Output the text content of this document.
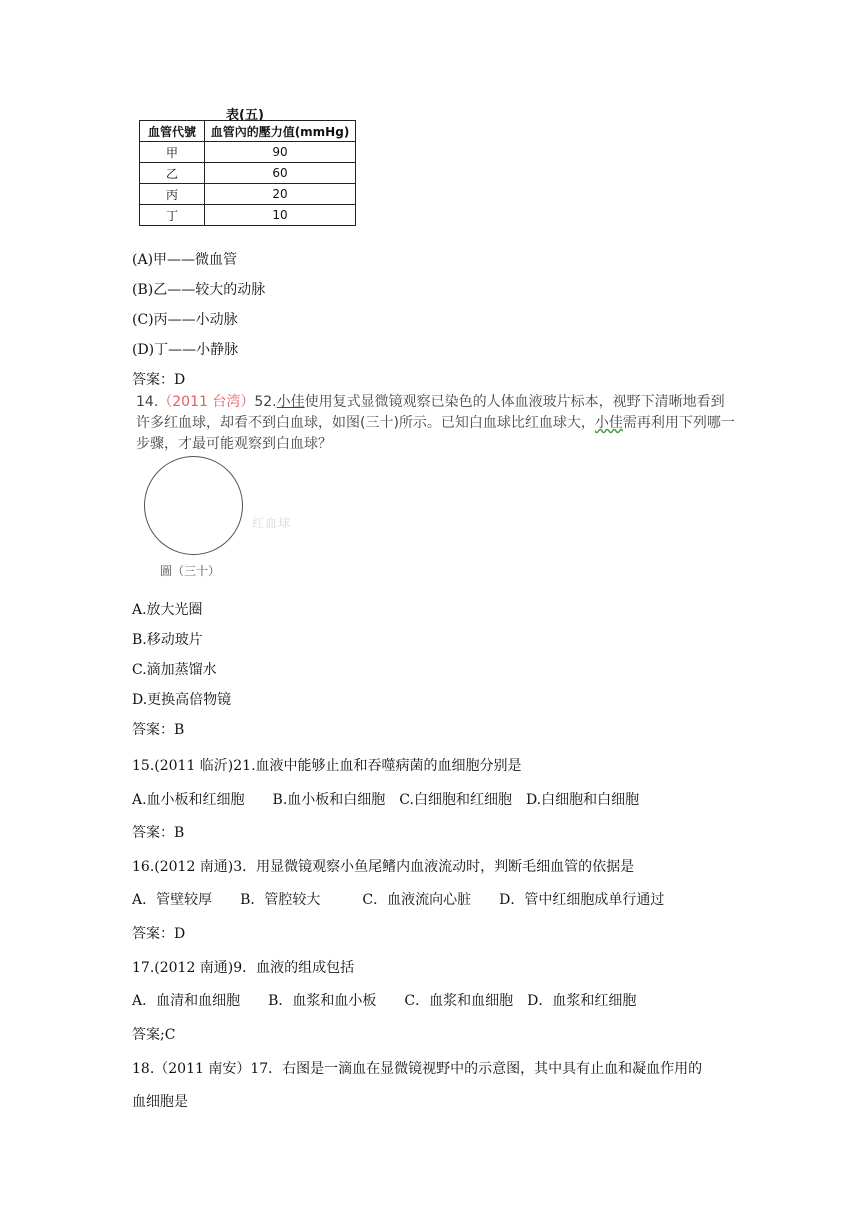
表(五)
血管代號	血管內的壓力值(mmHg)
甲	90
乙	60
丙	20
丁	10
(A)甲——微血管
(B)乙——较大的动脉
(C)丙——小动脉
(D)丁——小静脉
答案：D
14.（2011 台湾）52.小佳使用复式显微镜观察已染色的人体血液玻片标本，视野下清晰地看到许多红血球，却看不到白血球，如图(三十)所示。已知白血球比红血球大，小佳需再利用下列哪一步骤，才最可能观察到白血球？
红血球
圖（三十）
A.放大光圈
B.移动玻片
C.滴加蒸馏水
D.更换高倍物镜
答案：B
15.(2011 临沂)21.血液中能够止血和吞噬病菌的血细胞分别是
A.血小板和红细胞　　B.血小板和白细胞　C.白细胞和红细胞　D.白细胞和白细胞
答案：B
16.(2012 南通)3．用显微镜观察小鱼尾鳍内血液流动时，判断毛细血管的依据是
A．管壁较厚　　B．管腔较大　　　C．血液流向心脏　　D．管中红细胞成单行通过
答案：D
17.(2012 南通)9．血液的组成包括
A．血清和血细胞　　B．血浆和血小板　　C．血浆和血细胞　D．血浆和红细胞
答案;C
18.（2011 南安）17．右图是一滴血在显微镜视野中的示意图，其中具有止血和凝血作用的
血细胞是
